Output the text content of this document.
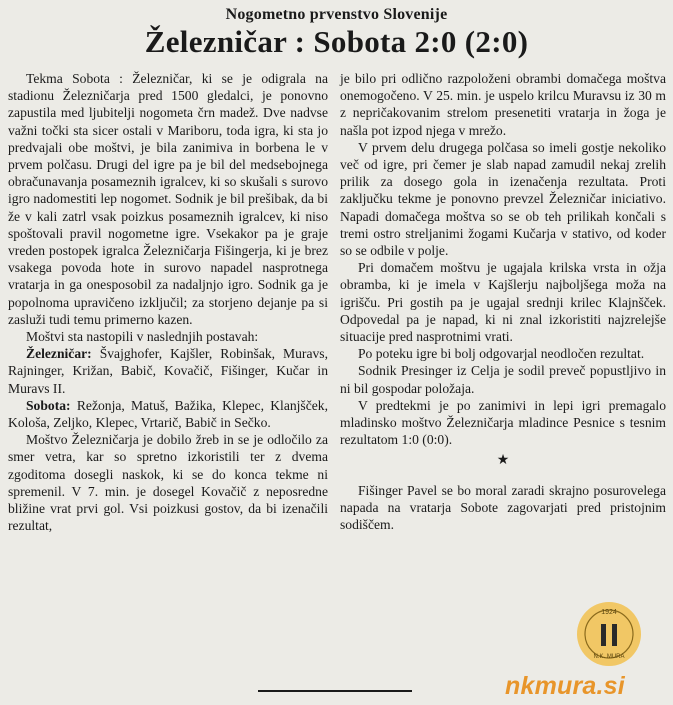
Nogometno prvenstvo Slovenije
Železničar : Sobota 2:0 (2:0)

Tekma Sobota : Železničar, ki se je odigrala na stadionu Železničarja pred 1500 gledalci, je ponovno zapustila med ljubitelji nogometa črn madež. Dve nadvse važni točki sta sicer ostali v Mariboru, toda igra, ki sta jo predvajali obe moštvi, je bila zanimiva in borbena le v prvem polčasu. Drugi del igre pa je bil del medsebojnega obračunavanja posameznih igralcev, ki so skušali s surovo igro nadomestiti lep nogomet. Sodnik je bil prešibak, da bi že v kali zatrl vsak poizkus posameznih igralcev, ki niso spoštovali pravil nogometne igre. Vsekakor pa je graje vreden postopek igralca Železničarja Fišingerja, ki je brez vsakega povoda hote in surovo napadel nasprotnega vratarja in ga onesposobil za nadaljnjo igro. Sodnik ga je popolnoma upravičeno izključil; za storjeno dejanje pa si zasluži tudi temu primerno kazen.

Moštvi sta nastopili v naslednjih postavah:

Železničar: Švajghofer, Kajšler, Robinšak, Muravs, Rajninger, Križan, Babič, Kovačič, Fišinger, Kučar in Muravs II.

Sobota: Režonja, Matuš, Bažika, Klepec, Klanjšček, Kološa, Zeljko, Klepec, Vrtarič, Babič in Sečko.

Moštvo Železničarja je dobilo žreb in se je odločilo za smer vetra, kar so spretno izkoristili ter z dvema zgoditoma dosegli naskok, ki se do konca tekme ni spremenil. V 7. min. je dosegel Kovačič z neposredne bližine vrat prvi gol. Vsi poizkusi gostov, da bi izenačili rezultat,

je bilo pri odlično razpoloženi obrambi domačega moštva onemogočeno. V 25. min. je uspelo krilcu Muravsu iz 30 m z nepričakovanim strelom presenetiti vratarja in žoga je našla pot izpod njega v mrežo.

V prvem delu drugega polčasa so imeli gostje nekoliko več od igre, pri čemer je slab napad zamudil nekaj zrelih prilik za dosego gola in izenačenja rezultata. Proti zaključku tekme je ponovno prevzel Železničar iniciativo. Napadi domačega moštva so se ob teh prilikah končali s tremi ostro streljanimi žogami Kučarja v stativo, od koder so se odbile v polje.

Pri domačem moštvu je ugajala krilska vrsta in ožja obramba, ki je imela v Kajšlerju najboljšega moža na igrišču. Pri gostih pa je ugajal srednji krilec Klajnšček. Odpovedal pa je napad, ki ni znal izkoristiti najzrelejše situacije pred nasprotnimi vrati.

Po poteku igre bi bolj odgovarjal neodločen rezultat.

Sodnik Presinger iz Celja je sodil preveč popustljivo in ni bil gospodar položaja.

V predtekmi je po zanimivi in lepi igri premagalo mladinsko moštvo Železničarja mladince Pesnice s tesnim rezultatom 1:0 (0:0).

★

Fišinger Pavel se bo moral zaradi skrajno posurovelega napada na vratarja Sobote zagovarjati pred pristojnim sodiščem.

1924
N.K. MURA
nkmura.si
